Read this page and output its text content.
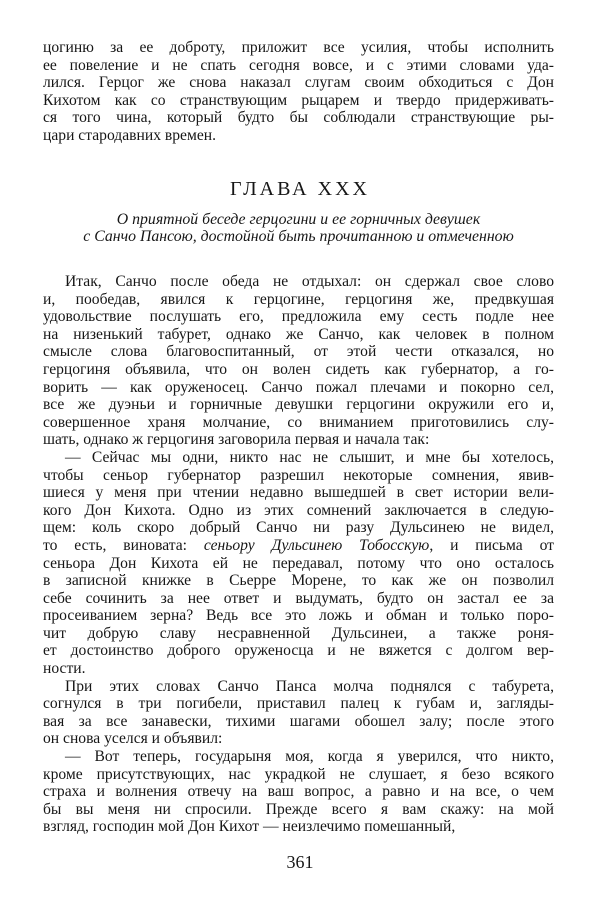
цогиню за ее доброту, приложит все усилия, чтобы исполнить
ее повеление и не спать сегодня вовсе, и с этими словами уда-
лился. Герцог же снова наказал слугам своим обходиться с Дон
Кихотом как со странствующим рыцарем и твердо придерживать-
ся того чина, который будто бы соблюдали странствующие ры-
цари стародавних времен.
ГЛАВА XXX
О приятной беседе герцогини и ее горничных девушек
с Санчо Пансою, достойной быть прочитанною и отмеченною
Итак, Санчо после обеда не отдыхал: он сдержал свое слово
и, пообедав, явился к герцогине, герцогиня же, предвкушая
удовольствие послушать его, предложила ему сесть подле нее
на низенький табурет, однако же Санчо, как человек в полном
смысле слова благовоспитанный, от этой чести отказался, но
герцогиня объявила, что он волен сидеть как губернатор, а го-
ворить — как оруженосец. Санчо пожал плечами и покорно сел,
все же дуэньи и горничные девушки герцогини окружили его и,
совершенное храня молчание, со вниманием приготовились слу-
шать, однако ж герцогиня заговорила первая и начала так:
— Сейчас мы одни, никто нас не слышит, и мне бы хотелось,
чтобы сеньор губернатор разрешил некоторые сомнения, явив-
шиеся у меня при чтении недавно вышедшей в свет истории вели-
кого Дон Кихота. Одно из этих сомнений заключается в следую-
щем: коль скоро добрый Санчо ни разу Дульсинею не видел,
то есть, виновата: сеньору Дульсинею Тобосскую, и письма от
сеньора Дон Кихота ей не передавал, потому что оно осталось
в записной книжке в Сьерре Морене, то как же он позволил
себе сочинить за нее ответ и выдумать, будто он застал ее за
просеиванием зерна? Ведь все это ложь и обман и только поро-
чит добрую славу несравненной Дульсинеи, а также роня-
ет достоинство доброго оруженосца и не вяжется с долгом вер-
ности.
При этих словах Санчо Панса молча поднялся с табурета,
согнулся в три погибели, приставил палец к губам и, загляды-
вая за все занавески, тихими шагами обошел залу; после этого
он снова уселся и объявил:
— Вот теперь, государыня моя, когда я уверился, что никто,
кроме присутствующих, нас украдкой не слушает, я безо всякого
страха и волнения отвечу на ваш вопрос, а равно и на все, о чем
бы вы меня ни спросили. Прежде всего я вам скажу: на мой
взгляд, господин мой Дон Кихот — неизлечимо помешанный,
361
